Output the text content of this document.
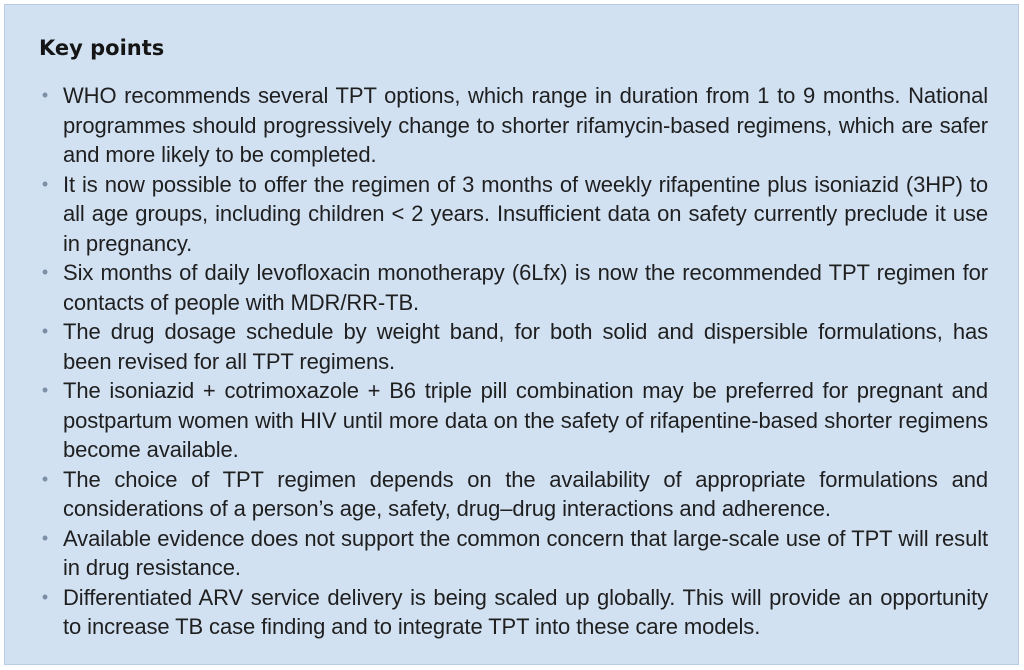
Key points
• WHO recommends several TPT options, which range in duration from 1 to 9 months. National programmes should progressively change to shorter rifamycin-based regimens, which are safer and more likely to be completed.
• It is now possible to offer the regimen of 3 months of weekly rifapentine plus isoniazid (3HP) to all age groups, including children < 2 years. Insufficient data on safety currently preclude it use in pregnancy.
• Six months of daily levofloxacin monotherapy (6Lfx) is now the recommended TPT regimen for contacts of people with MDR/RR-TB.
• The drug dosage schedule by weight band, for both solid and dispersible formulations, has been revised for all TPT regimens.
• The isoniazid + cotrimoxazole + B6 triple pill combination may be preferred for pregnant and postpartum women with HIV until more data on the safety of rifapentine-based shorter regimens become available.
• The choice of TPT regimen depends on the availability of appropriate formulations and considerations of a person’s age, safety, drug–drug interactions and adherence.
• Available evidence does not support the common concern that large-scale use of TPT will result in drug resistance.
• Differentiated ARV service delivery is being scaled up globally. This will provide an opportunity to increase TB case finding and to integrate TPT into these care models.
